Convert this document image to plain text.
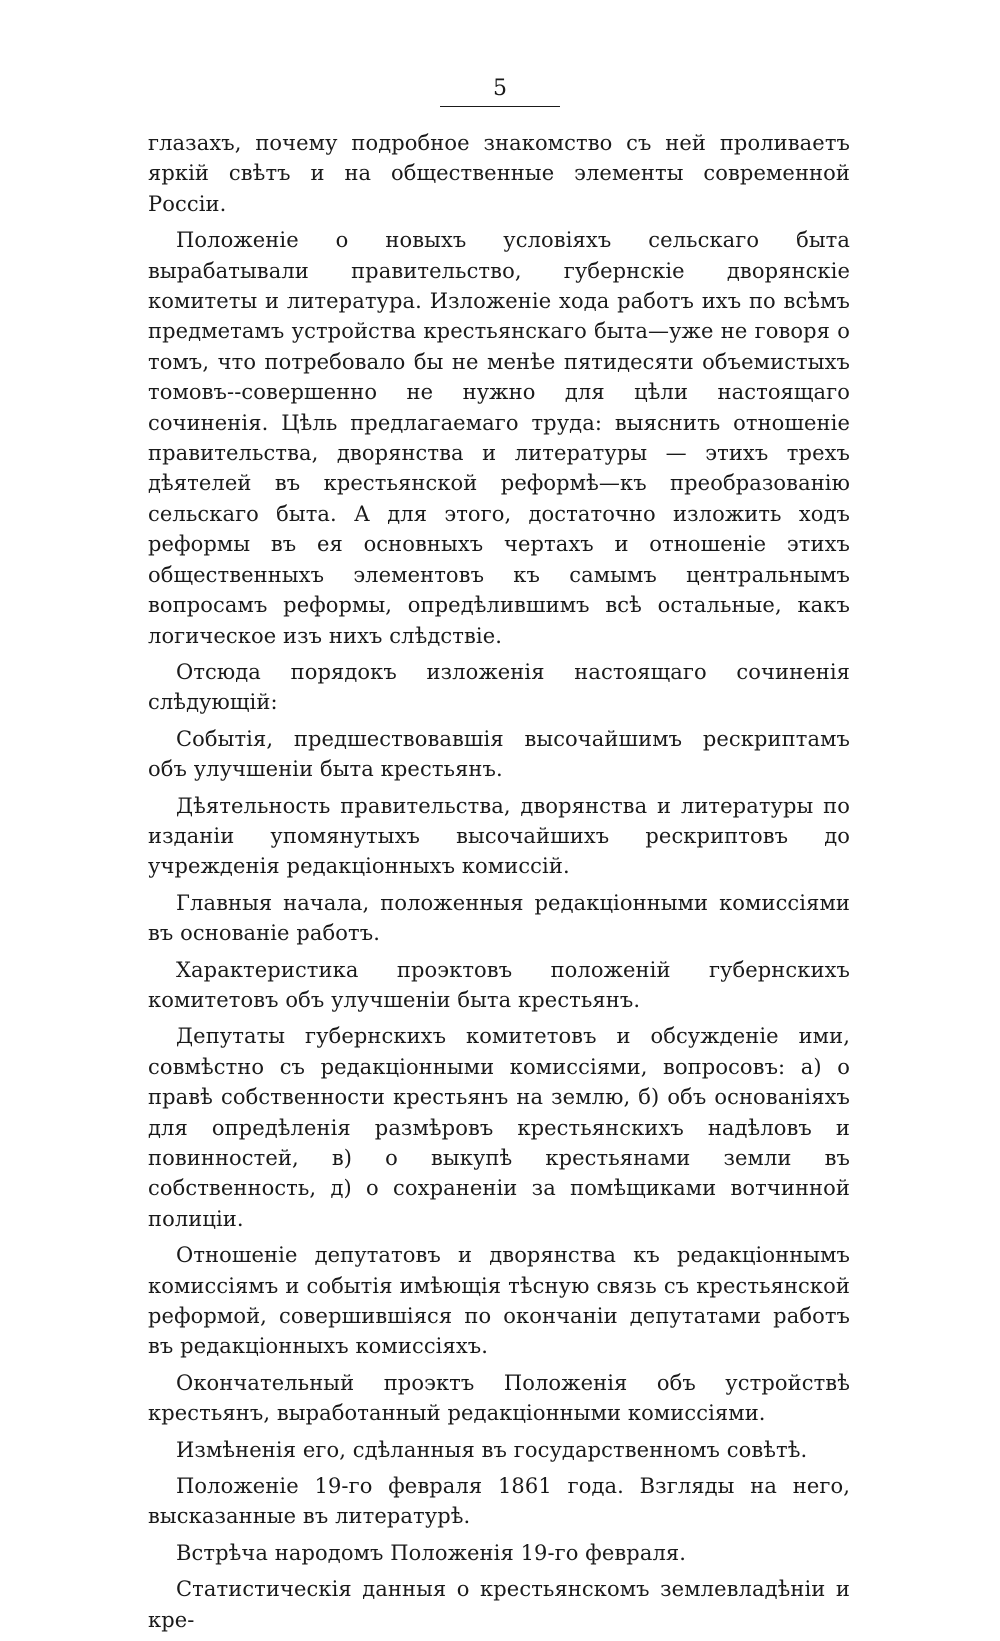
5

глазахъ, почему подробное знакомство съ ней проливаетъ яркій свѣтъ и на общественные элементы современной Россіи.

Положеніе о новыхъ условіяхъ сельскаго быта вырабатывали правительство, губернскіе дворянскіе комитеты и литература. Изложеніе хода работъ ихъ по всѣмъ предметамъ устройства крестьянскаго быта—уже не говоря о томъ, что потребовало бы не менѣе пятидесяти объемистыхъ томовъ--совершенно не нужно для цѣли настоящаго сочиненія. Цѣль предлагаемаго труда: выяснить отношеніе правительства, дворянства и литературы — этихъ трехъ дѣятелей въ крестьянской реформѣ—къ преобразованію сельскаго быта. А для этого, достаточно изложить ходъ реформы въ ея основныхъ чертахъ и отношеніе этихъ общественныхъ элементовъ къ самымъ центральнымъ вопросамъ реформы, опредѣлившимъ всѣ остальные, какъ логическое изъ нихъ слѣдствіе.

Отсюда порядокъ изложенія настоящаго сочиненія слѣдующій:

Событія, предшествовавшія высочайшимъ рескриптамъ объ улучшеніи быта крестьянъ.

Дѣятельность правительства, дворянства и литературы по изданіи упомянутыхъ высочайшихъ рескриптовъ до учрежденія редакціонныхъ комиссій.

Главныя начала, положенныя редакціонными комиссіями въ основаніе работъ.

Характеристика проэктовъ положеній губернскихъ комитетовъ объ улучшеніи быта крестьянъ.

Депутаты губернскихъ комитетовъ и обсужденіе ими, совмѣстно съ редакціонными комиссіями, вопросовъ: а) о правѣ собственности крестьянъ на землю, б) объ основаніяхъ для опредѣленія размѣровъ крестьянскихъ надѣловъ и повинностей, в) о выкупѣ крестьянами земли въ собственность, д) о сохраненіи за помѣщиками вотчинной полиціи.

Отношеніе депутатовъ и дворянства къ редакціоннымъ комиссіямъ и событія имѣющія тѣсную связь съ крестьянской реформой, совершившіяся по окончаніи депутатами работъ въ редакціонныхъ комиссіяхъ.

Окончательный проэктъ Положенія объ устройствѣ крестьянъ, выработанный редакціонными комиссіями.

Измѣненія его, сдѣланныя въ государственномъ совѣтѣ.

Положеніе 19-го февраля 1861 года. Взгляды на него, высказанные въ литературѣ.

Встрѣча народомъ Положенія 19-го февраля.

Статистическія данныя о крестьянскомъ землевладѣніи и кре-
